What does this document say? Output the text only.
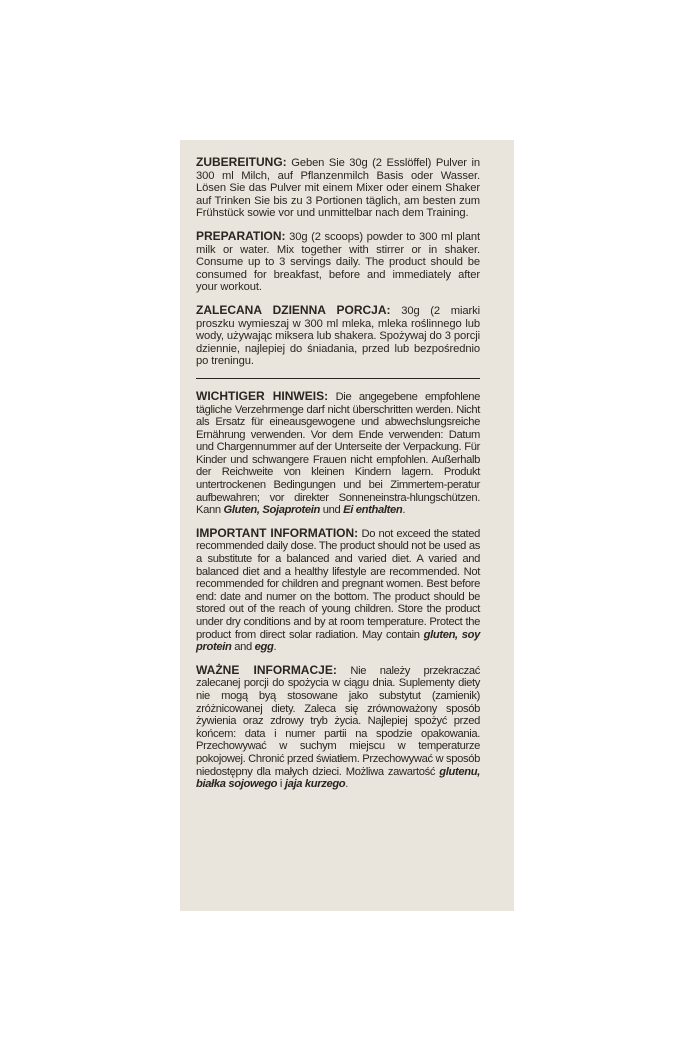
ZUBEREITUNG: Geben Sie 30g (2 Esslöffel) Pulver in 300 ml Milch, auf Pflanzenmilch Basis oder Wasser. Lösen Sie das Pulver mit einem Mixer oder einem Shaker auf Trinken Sie bis zu 3 Portionen täglich, am besten zum Frühstück sowie vor und unmittelbar nach dem Training.

PREPARATION: 30g (2 scoops) powder to 300 ml plant milk or water. Mix together with stirrer or in shaker. Consume up to 3 servings daily. The product should be consumed for breakfast, before and immediately after your workout.

ZALECANA DZIENNA PORCJA: 30g (2 miarki proszku wymieszaj w 300 ml mleka, mleka roślinnego lub wody, używając miksera lub shakera. Spożywaj do 3 porcji dziennie, najlepiej do śniadania, przed lub bezpośrednio po treningu.

WICHTIGER HINWEIS: Die angegebene empfohlene tägliche Verzehrmenge darf nicht überschritten werden. Nicht als Ersatz für eineausgewogene und abwechslungsreiche Ernährung verwenden. Vor dem Ende verwenden: Datum und Chargennummer auf der Unterseite der Verpackung. Für Kinder und schwangere Frauen nicht empfohlen. Außerhalb der Reichweite von kleinen Kindern lagern. Produkt untertrockenen Bedingungen und bei Zimmertem-peratur aufbewahren; vor direkter Sonneneinstra-hlungschützen. Kann Gluten, Sojaprotein und Ei enthalten.

IMPORTANT INFORMATION: Do not exceed the stated recommended daily dose. The product should not be used as a substitute for a balanced and varied diet. A varied and balanced diet and a healthy lifestyle are recommended. Not recommended for children and pregnant women. Best before end: date and numer on the bottom. The product should be stored out of the reach of young children. Store the product under dry conditions and by at room temperature. Protect the product from direct solar radiation. May contain gluten, soy protein and egg.

WAŻNE INFORMACJE: Nie należy przekraczać zalecanej porcji do spożycia w ciągu dnia. Suplementy diety nie mogą byą stosowane jako substytut (zamienik) zróżnicowanej diety. Zaleca się zrównoważony sposób żywienia oraz zdrowy tryb życia. Najlepiej spożyć przed końcem: data i numer partii na spodzie opakowania. Przechowywać w suchym miejscu w temperaturze pokojowej. Chronić przed światłem. Przechowywać w sposób niedostępny dla małych dzieci. Możliwa zawartość glutenu, białka sojowego i jaja kurzego.
